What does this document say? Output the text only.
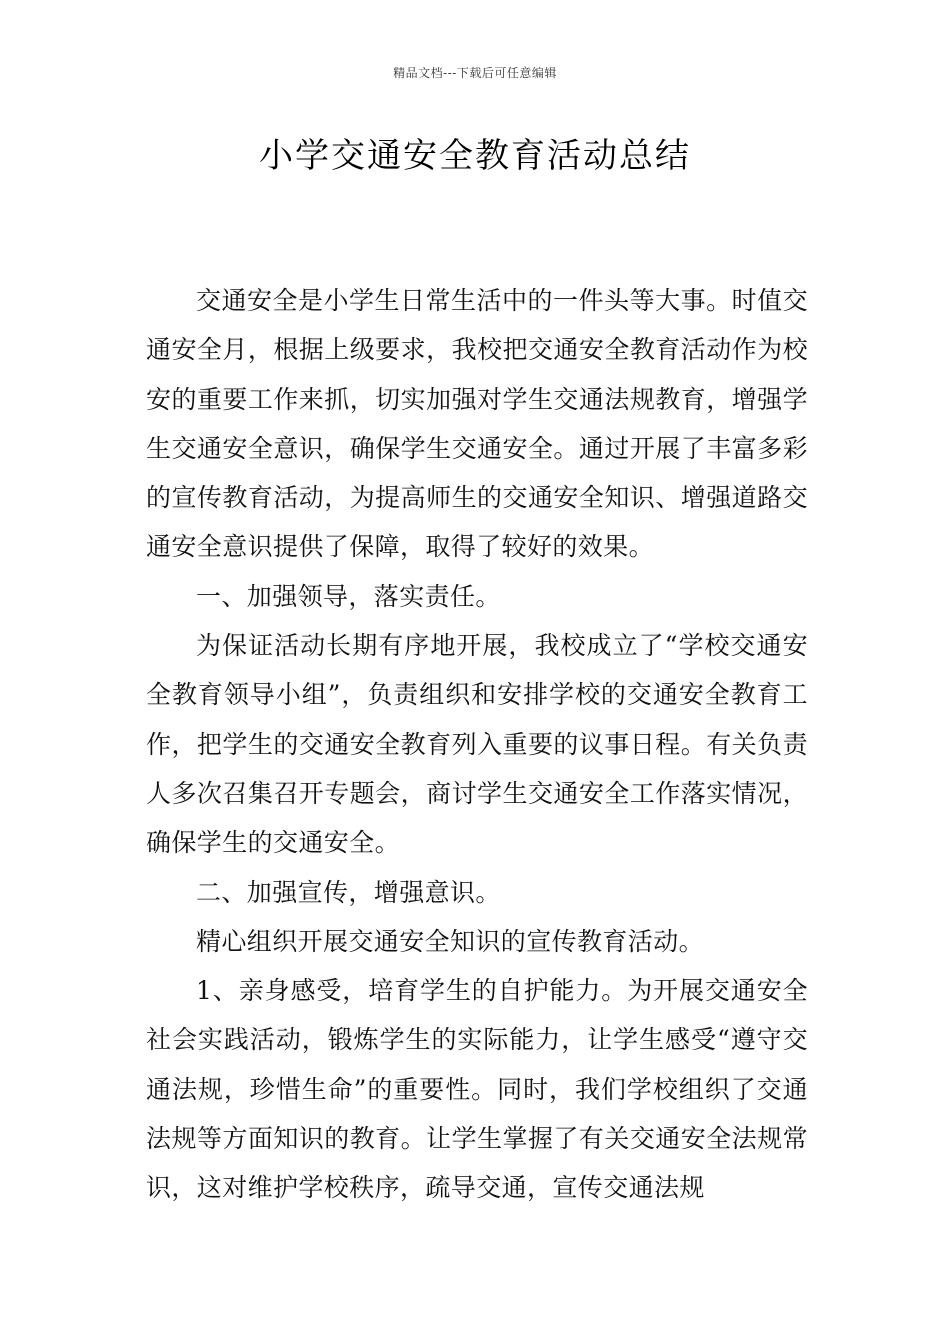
精品文档---下载后可任意编辑
小学交通安全教育活动总结

交通安全是小学生日常生活中的一件头等大事。时值交通安全月，根据上级要求，我校把交通安全教育活动作为校安的重要工作来抓，切实加强对学生交通法规教育，增强学生交通安全意识，确保学生交通安全。通过开展了丰富多彩的宣传教育活动，为提高师生的交通安全知识、增强道路交通安全意识提供了保障，取得了较好的效果。

一、加强领导，落实责任。

为保证活动长期有序地开展，我校成立了“学校交通安全教育领导小组”，负责组织和安排学校的交通安全教育工作，把学生的交通安全教育列入重要的议事日程。有关负责人多次召集召开专题会，商讨学生交通安全工作落实情况，确保学生的交通安全。

二、加强宣传，增强意识。

精心组织开展交通安全知识的宣传教育活动。

1、亲身感受，培育学生的自护能力。为开展交通安全社会实践活动，锻炼学生的实际能力，让学生感受“遵守交通法规，珍惜生命”的重要性。同时，我们学校组织了交通法规等方面知识的教育。让学生掌握了有关交通安全法规常识，这对维护学校秩序，疏导交通，宣传交通法规
